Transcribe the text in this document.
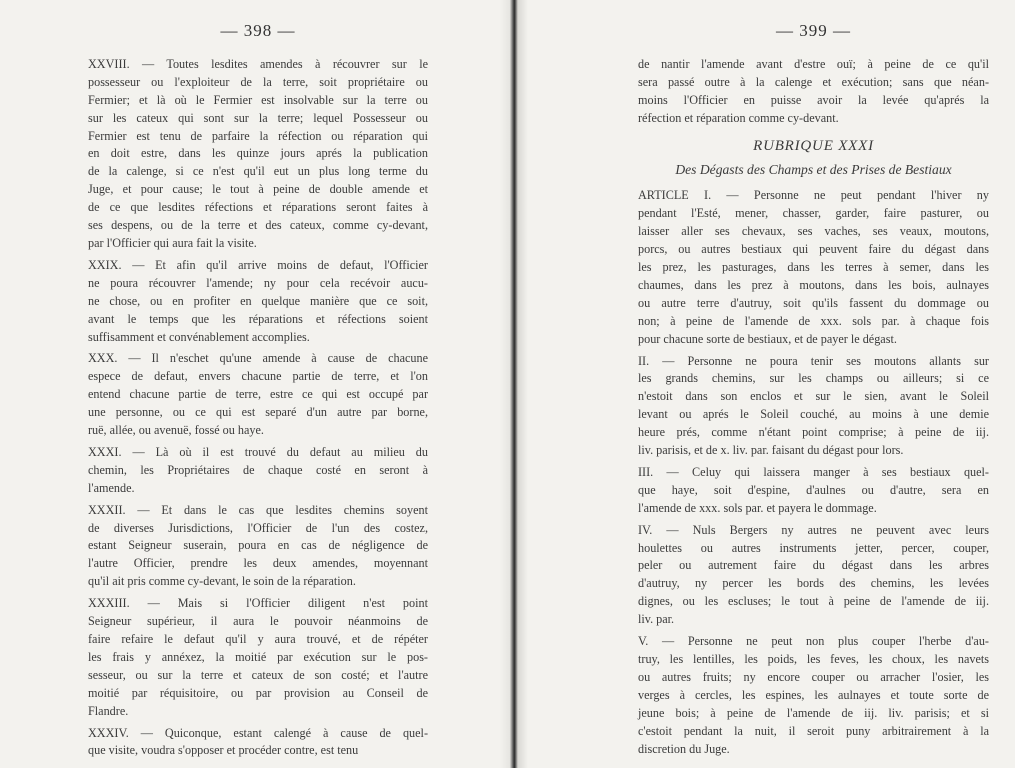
— 398 —
XXVIII. — Toutes lesdites amendes à récouvrer sur le
possesseur ou l'exploiteur de la terre, soit propriétaire ou
Fermier; et là où le Fermier est insolvable sur la terre ou
sur les cateux qui sont sur la terre; lequel Possesseur ou
Fermier est tenu de parfaire la réfection ou réparation qui
en doit estre, dans les quinze jours aprés la publication
de la calenge, si ce n'est qu'il eut un plus long terme du
Juge, et pour cause; le tout à peine de double amende et
de ce que lesdites réfections et réparations seront faites à
ses despens, ou de la terre et des cateux, comme cy-devant,
par l'Officier qui aura fait la visite.
XXIX. — Et afin qu'il arrive moins de defaut, l'Officier
ne poura récouvrer l'amende; ny pour cela recévoir aucu-
ne chose, ou en profiter en quelque manière que ce soit,
avant le temps que les réparations et réfections soient
suffisamment et convénablement accomplies.
XXX. — Il n'eschet qu'une amende à cause de chacune
espece de defaut, envers chacune partie de terre, et l'on
entend chacune partie de terre, estre ce qui est occupé par
une personne, ou ce qui est separé d'un autre par borne,
ruë, allée, ou avenuë, fossé ou haye.
XXXI. — Là où il est trouvé du defaut au milieu du
chemin, les Propriétaires de chaque costé en seront à
l'amende.
XXXII. — Et dans le cas que lesdites chemins soyent
de diverses Jurisdictions, l'Officier de l'un des costez,
estant Seigneur suserain, poura en cas de négligence de
l'autre Officier, prendre les deux amendes, moyennant
qu'il ait pris comme cy-devant, le soin de la réparation.
XXXIII. — Mais si l'Officier diligent n'est point
Seigneur supérieur, il aura le pouvoir néanmoins de
faire refaire le defaut qu'il y aura trouvé, et de répéter
les frais y annéxez, la moitié par exécution sur le pos-
sesseur, ou sur la terre et cateux de son costé; et l'autre
moitié par réquisitoire, ou par provision au Conseil de
Flandre.
XXXIV. — Quiconque, estant calengé à cause de quel-
que visite, voudra s'opposer et procéder contre, est tenu
— 399 —
de nantir l'amende avant d'estre ouï; à peine de ce qu'il
sera passé outre à la calenge et exécution; sans que néan-
moins l'Officier en puisse avoir la levée qu'aprés la
réfection et réparation comme cy-devant.
RUBRIQUE XXXI
Des Dégasts des Champs et des Prises de Bestiaux
ARTICLE I. — Personne ne peut pendant l'hiver ny
pendant l'Esté, mener, chasser, garder, faire pasturer, ou
laisser aller ses chevaux, ses vaches, ses veaux, moutons,
porcs, ou autres bestiaux qui peuvent faire du dégast dans
les prez, les pasturages, dans les terres à semer, dans les
chaumes, dans les prez à moutons, dans les bois, aulnayes
ou autre terre d'autruy, soit qu'ils fassent du dommage ou
non; à peine de l'amende de xxx. sols par. à chaque fois
pour chacune sorte de bestiaux, et de payer le dégast.
II. — Personne ne poura tenir ses moutons allants sur
les grands chemins, sur les champs ou ailleurs; si ce
n'estoit dans son enclos et sur le sien, avant le Soleil
levant ou aprés le Soleil couché, au moins à une demie
heure prés, comme n'étant point comprise; à peine de iij.
liv. parisis, et de x. liv. par. faisant du dégast pour lors.
III. — Celuy qui laissera manger à ses bestiaux quel-
que haye, soit d'espine, d'aulnes ou d'autre, sera en
l'amende de xxx. sols par. et payera le dommage.
IV. — Nuls Bergers ny autres ne peuvent avec leurs
houlettes ou autres instruments jetter, percer, couper,
peler ou autrement faire du dégast dans les arbres
d'autruy, ny percer les bords des chemins, les levées
dignes, ou les escluses; le tout à peine de l'amende de iij.
liv. par.
V. — Personne ne peut non plus couper l'herbe d'au-
truy, les lentilles, les poids, les feves, les choux, les navets
ou autres fruits; ny encore couper ou arracher l'osier, les
verges à cercles, les espines, les aulnayes et toute sorte de
jeune bois; à peine de l'amende de iij. liv. parisis; et si
c'estoit pendant la nuit, il seroit puny arbitrairement à la
discretion du Juge.
